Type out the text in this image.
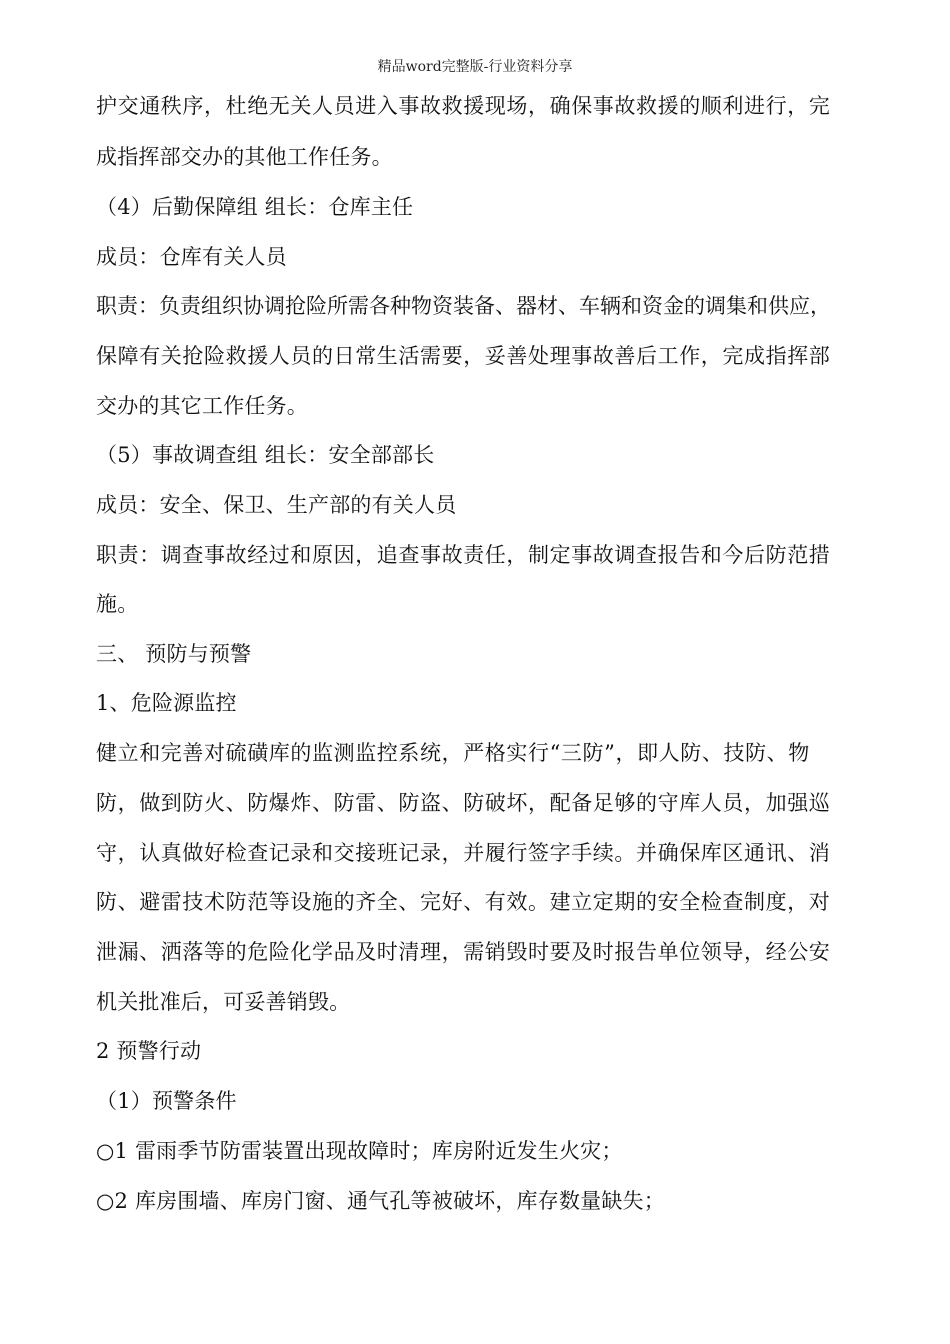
精品word完整版-行业资料分享
护交通秩序，杜绝无关人员进入事故救援现场，确保事故救援的顺利进行，完
成指挥部交办的其他工作任务。
（4）后勤保障组 组长：仓库主任
成员：仓库有关人员
职责：负责组织协调抢险所需各种物资装备、器材、车辆和资金的调集和供应，
保障有关抢险救援人员的日常生活需要，妥善处理事故善后工作，完成指挥部
交办的其它工作任务。
（5）事故调查组 组长：安全部部长
成员：安全、保卫、生产部的有关人员
职责：调查事故经过和原因，追查事故责任，制定事故调查报告和今后防范措
施。
三、 预防与预警
1、危险源监控
健立和完善对硫磺库的监测监控系统，严格实行“三防”，即人防、技防、物
防，做到防火、防爆炸、防雷、防盗、防破坏，配备足够的守库人员，加强巡
守，认真做好检查记录和交接班记录，并履行签字手续。并确保库区通讯、消
防、避雷技术防范等设施的齐全、完好、有效。建立定期的安全检查制度，对
泄漏、洒落等的危险化学品及时清理，需销毁时要及时报告单位领导，经公安
机关批准后，可妥善销毁。
2 预警行动
（1）预警条件
○1 雷雨季节防雷装置出现故障时；库房附近发生火灾；
○2 库房围墙、库房门窗、通气孔等被破坏，库存数量缺失；
